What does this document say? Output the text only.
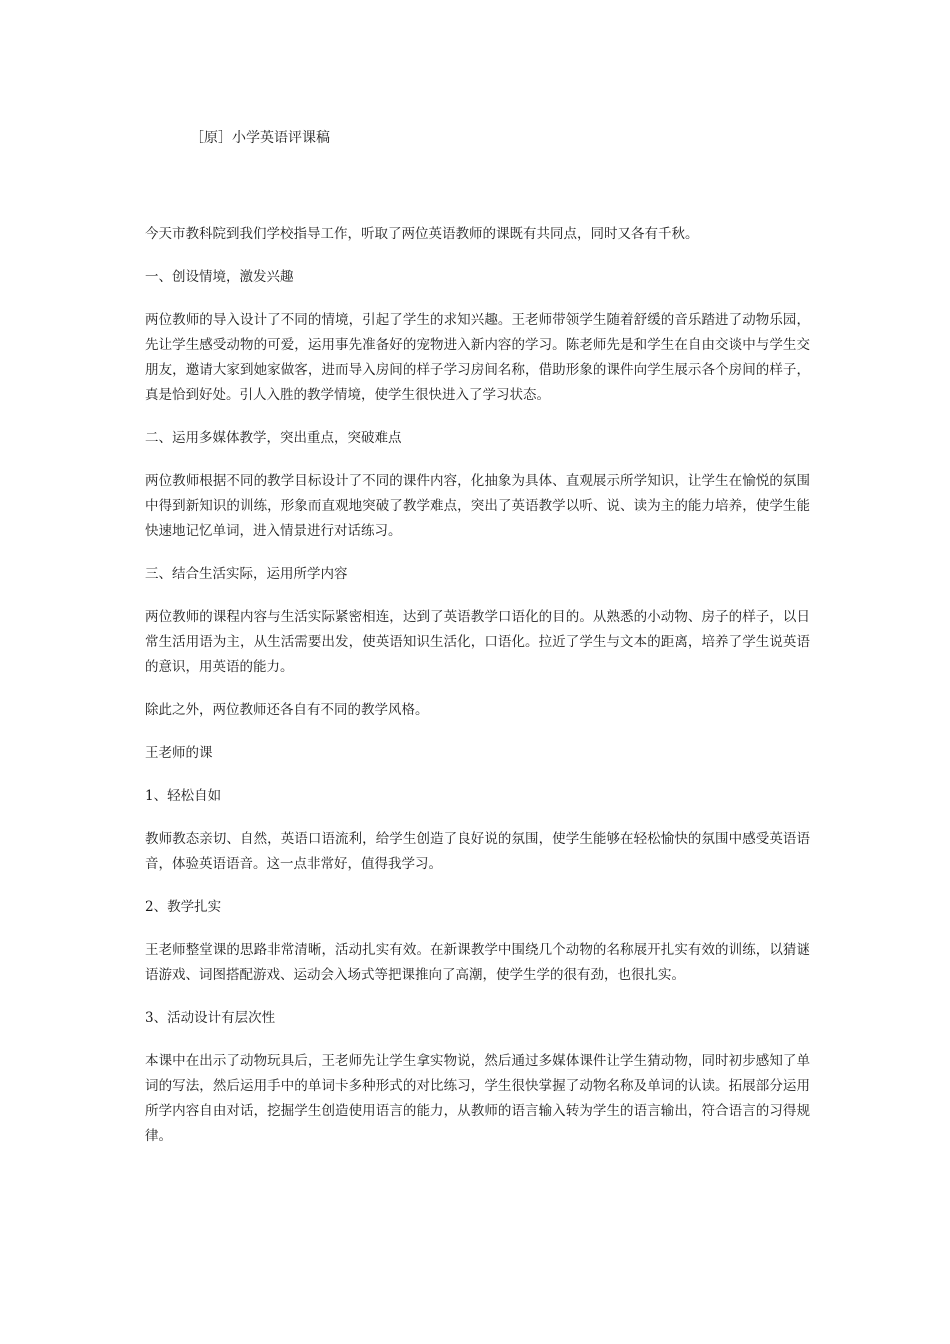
［原］小学英语评课稿

今天市教科院到我们学校指导工作，听取了两位英语教师的课既有共同点，同时又各有千秋。

一、创设情境，激发兴趣

两位教师的导入设计了不同的情境，引起了学生的求知兴趣。王老师带领学生随着舒缓的音乐踏进了动物乐园，先让学生感受动物的可爱，运用事先准备好的宠物进入新内容的学习。陈老师先是和学生在自由交谈中与学生交朋友，邀请大家到她家做客，进而导入房间的样子学习房间名称，借助形象的课件向学生展示各个房间的样子，真是恰到好处。引人入胜的教学情境，使学生很快进入了学习状态。

二、运用多媒体教学，突出重点，突破难点

两位教师根据不同的教学目标设计了不同的课件内容，化抽象为具体、直观展示所学知识，让学生在愉悦的氛围中得到新知识的训练，形象而直观地突破了教学难点，突出了英语教学以听、说、读为主的能力培养，使学生能快速地记忆单词，进入情景进行对话练习。

三、结合生活实际，运用所学内容

两位教师的课程内容与生活实际紧密相连，达到了英语教学口语化的目的。从熟悉的小动物、房子的样子，以日常生活用语为主，从生活需要出发，使英语知识生活化，口语化。拉近了学生与文本的距离，培养了学生说英语的意识，用英语的能力。

除此之外，两位教师还各自有不同的教学风格。

王老师的课

1、轻松自如

教师教态亲切、自然，英语口语流利，给学生创造了良好说的氛围，使学生能够在轻松愉快的氛围中感受英语语音，体验英语语音。这一点非常好，值得我学习。

2、教学扎实

王老师整堂课的思路非常清晰，活动扎实有效。在新课教学中围绕几个动物的名称展开扎实有效的训练，以猜谜语游戏、词图搭配游戏、运动会入场式等把课推向了高潮，使学生学的很有劲，也很扎实。

3、活动设计有层次性

本课中在出示了动物玩具后，王老师先让学生拿实物说，然后通过多媒体课件让学生猜动物，同时初步感知了单词的写法，然后运用手中的单词卡多种形式的对比练习，学生很快掌握了动物名称及单词的认读。拓展部分运用所学内容自由对话，挖掘学生创造使用语言的能力，从教师的语言输入转为学生的语言输出，符合语言的习得规律。
